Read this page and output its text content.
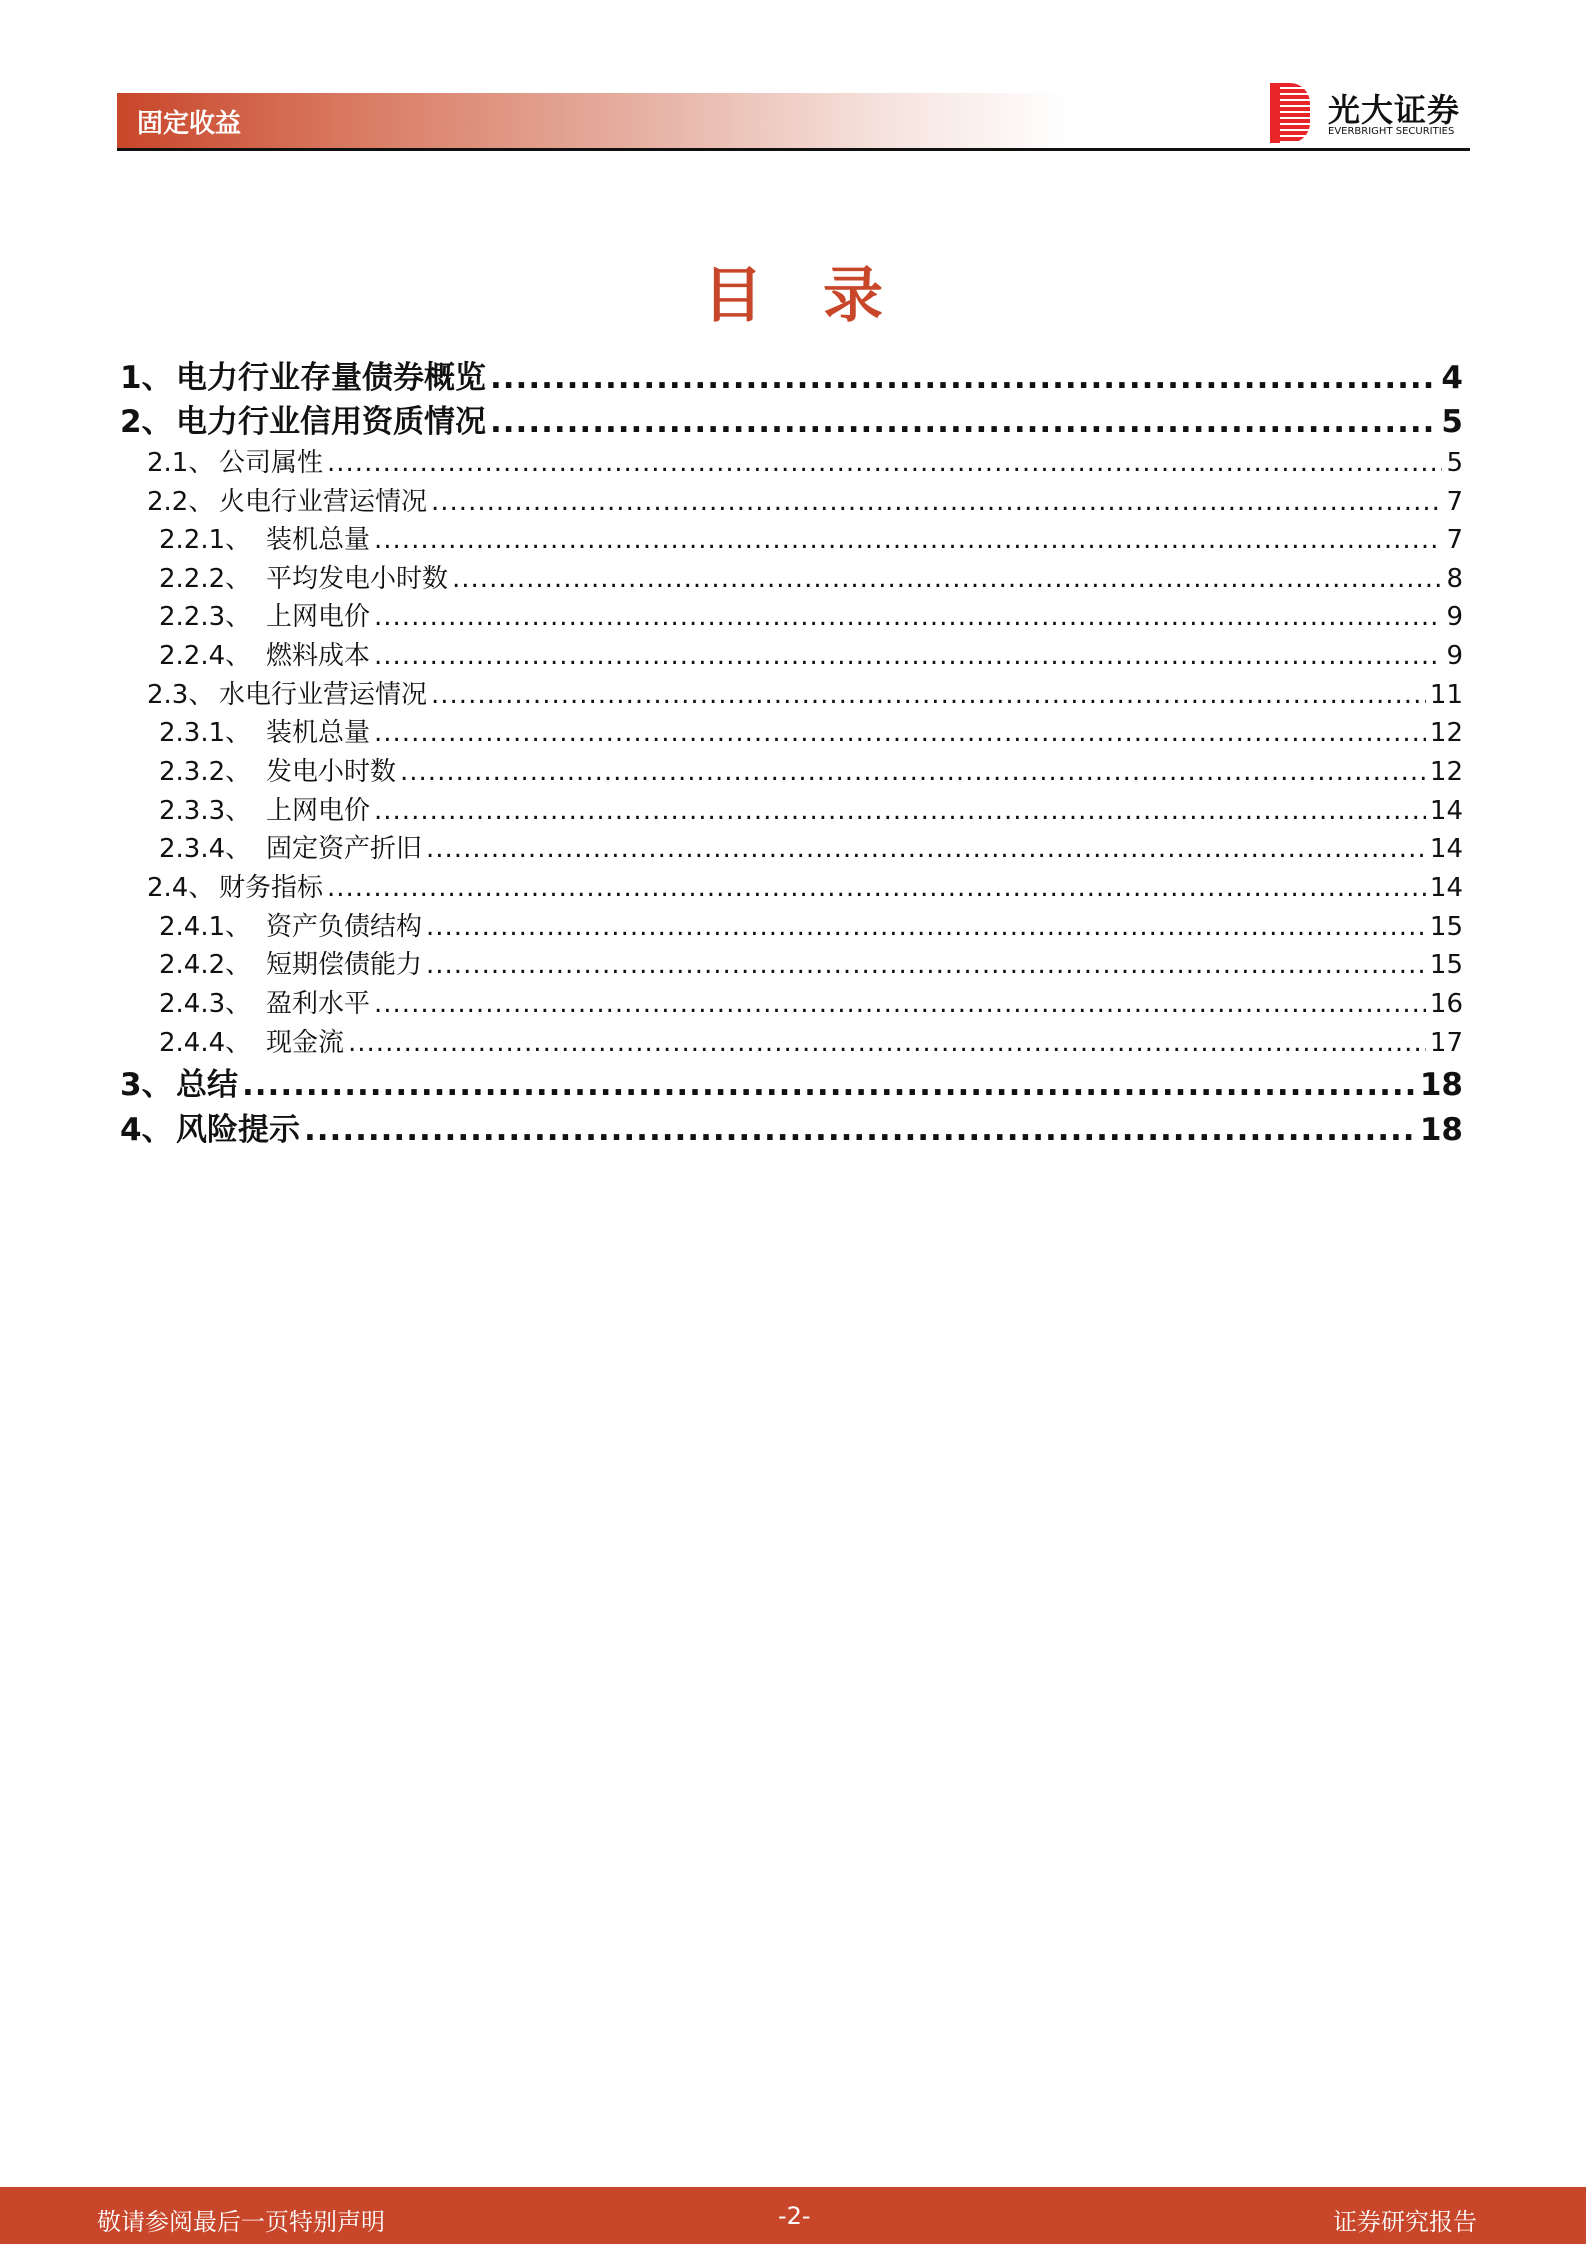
固定收益	光大证券
EVERBRIGHT SECURITIES
目录
1、 电力行业存量债券概览 .....	4
2、 电力行业信用资质情况 .....	5
2.1、 公司属性 .....	5
2.2、 火电行业营运情况 .....	7
2.2.1、 装机总量 .....	7
2.2.2、 平均发电小时数 .....	8
2.2.3、 上网电价 .....	9
2.2.4、 燃料成本 .....	9
2.3、 水电行业营运情况 .....	11
2.3.1、 装机总量 .....	12
2.3.2、 发电小时数 .....	12
2.3.3、 上网电价 .....	14
2.3.4、 固定资产折旧 .....	14
2.4、 财务指标 .....	14
2.4.1、 资产负债结构 .....	15
2.4.2、 短期偿债能力 .....	15
2.4.3、 盈利水平 .....	16
2.4.4、 现金流 .....	17
3、 总结 .....	18
4、 风险提示 .....	18
敬请参阅最后一页特别声明	-2-	证券研究报告
